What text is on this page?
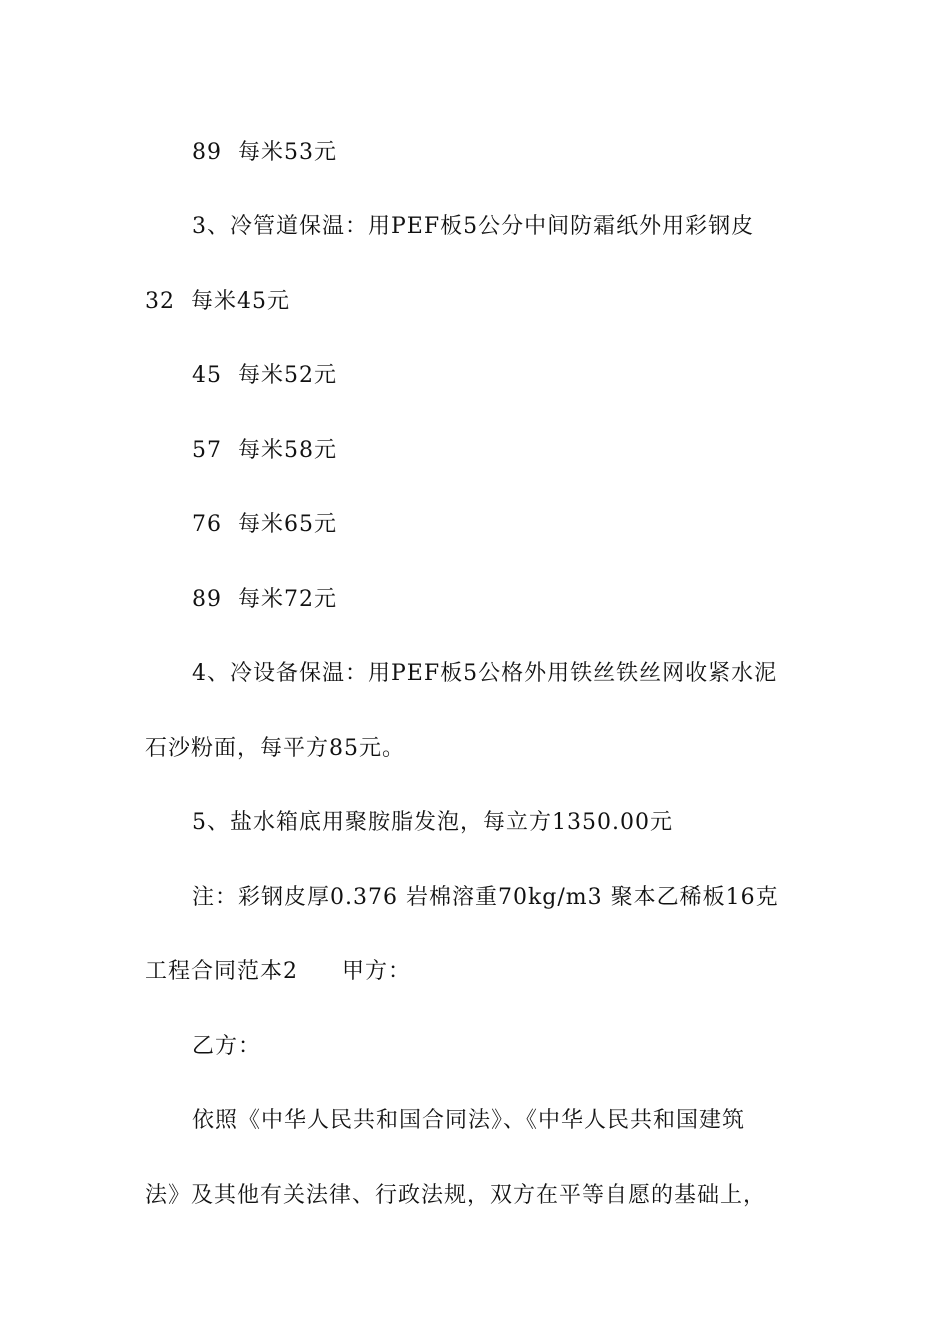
89  每米53元
3、冷管道保温：用PEF板5公分中间防霜纸外用彩钢皮
32  每米45元
45  每米52元
57  每米58元
76  每米65元
89  每米72元
4、冷设备保温：用PEF板5公格外用铁丝铁丝网收紧水泥
石沙粉面，每平方85元。
5、盐水箱底用聚胺脂发泡，每立方1350.00元
注：彩钢皮厚0.376 岩棉溶重70kg/m3 聚本乙稀板16克
工程合同范本2 甲方：
乙方：
依照《中华人民共和国合同法》、《中华人民共和国建筑
法》及其他有关法律、行政法规，双方在平等自愿的基础上，
